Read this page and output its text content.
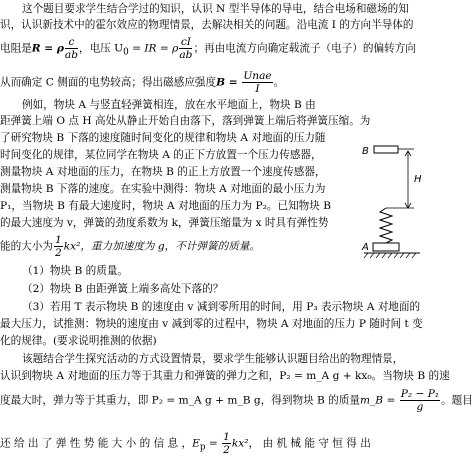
这个题目要求学生结合学过的知识，认识 N 型半导体的导电，结合电场和磁场的知
识，认识新技术中的霍尔效应的物理情景，去解决相关的问题。沿电流 I 的方向半导体的
电阻是R = ρ $\frac{c}{ab}$ ，电压 $U_0$ = IR = ρ $\frac{cI}{ab}$ ；再由电流方向确定载流子（电子）的偏转方向
从而确定 C 侧面的电势较高；得出磁感应强度$B = \frac{\text{Unae}}{I}$ 。
例如，物块 A 与竖直轻弹簧相连，放在水平地面上，物块 B 由
距弹簧上端 O 点 H 高处从静止开始自由落下，落到弹簧上端后将弹簧压缩。为
了研究物块 B 下落的速度随时间变化的规律和物块 A 对地面的压力随
时间变化的规律，某位同学在物块 A 的正下方放置一个压力传感器，
测量物块 A 对地面的压力，在物块 B 的正上方放置一个速度传感器，
测量物块 B 下落的速度。在实验中测得：物块 A 对地面的最小压力为
P₁，当物块 B 有最大速度时，物块 A 对地面的压力为 P₂。已知物块 B
的最大速度为 v，弹簧的劲度系数为 k，弹簧压缩量为 x 时具有弹性势
能的大小为 $\frac{1}{2} kx^2$，重力加速度为 g，不计弹簧的质量。
（1）物块 B 的质量。
（2）物块 B 由距弹簧上端多高处下落的？
（3）若用 T 表示物块 B 的速度由 v 减到零所用的时间，用 P₃ 表示物块 A 对地面的
最大压力，试推测：物块的速度由 v 减到零的过程中，物块 A 对地面的压力 P 随时间 t 变
化的规律。(要求说明推测的依据)
该题结合学生探究活动的方式设置情景，要求学生能够认识题目给出的物理情景，
认识到物块 A 对地面的压力等于其重力和弹簧的弹力之和，P₂ = m_A g + kx₀。当物块 B 的速
度最大时，弹力等于其重力，即 P₂ = m_A g + m_B g，得到物块 B 的质量m_B = $\frac{\text{P₂ − P₁}}{g}$ 。题目
还 给 出 了 弹 性 势 能 大 小 的 信 息 ，$E_p = \frac{1}{2} kx^2$， 由 机 械 能 守 恒 得 出
B
H
A
